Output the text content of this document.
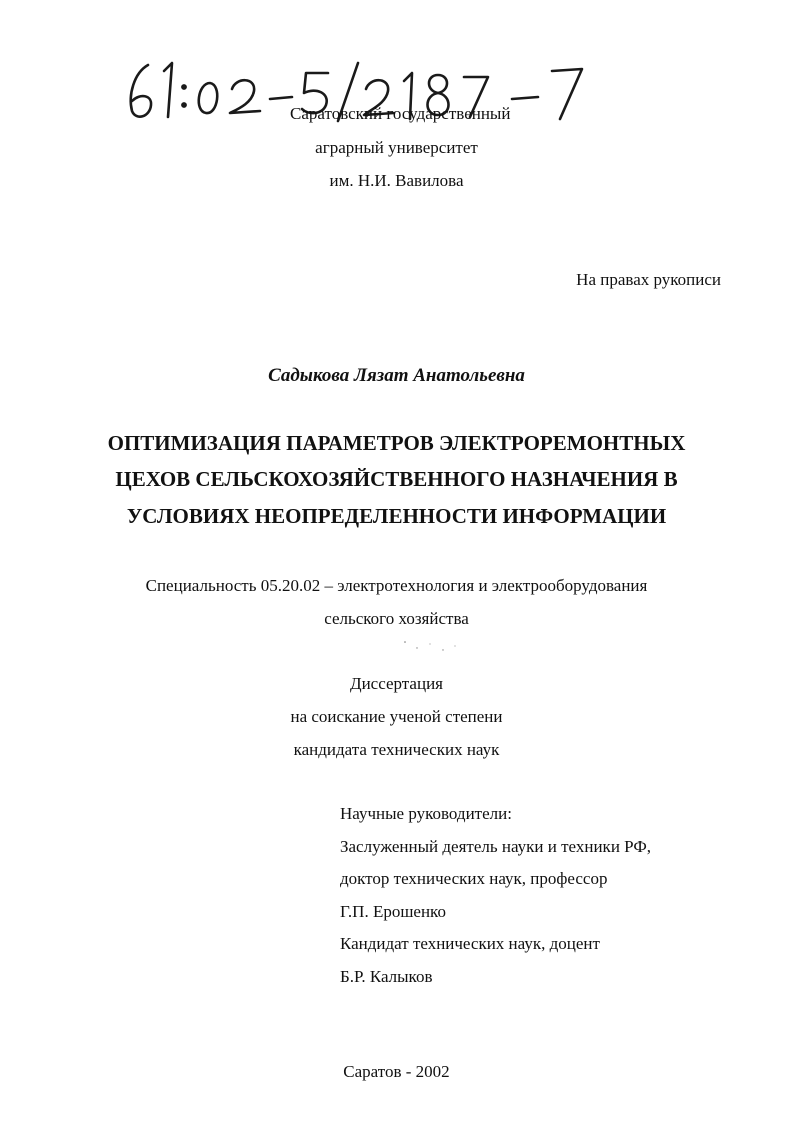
Саратовский государственный
аграрный университет
им. Н.И. Вавилова
На правах рукописи
Садыкова Лязат Анатольевна
ОПТИМИЗАЦИЯ ПАРАМЕТРОВ ЭЛЕКТРОРЕМОНТНЫХ
ЦЕХОВ СЕЛЬСКОХОЗЯЙСТВЕННОГО НАЗНАЧЕНИЯ В
УСЛОВИЯХ НЕОПРЕДЕЛЕННОСТИ ИНФОРМАЦИИ
Специальность 05.20.02 – электротехнология и электрооборудования
сельского хозяйства
Диссертация
на соискание ученой степени
кандидата технических наук
Научные руководители:
Заслуженный деятель науки и техники РФ,
доктор технических наук, профессор
Г.П. Ерошенко
Кандидат технических наук, доцент
Б.Р. Калыков
Саратов - 2002
